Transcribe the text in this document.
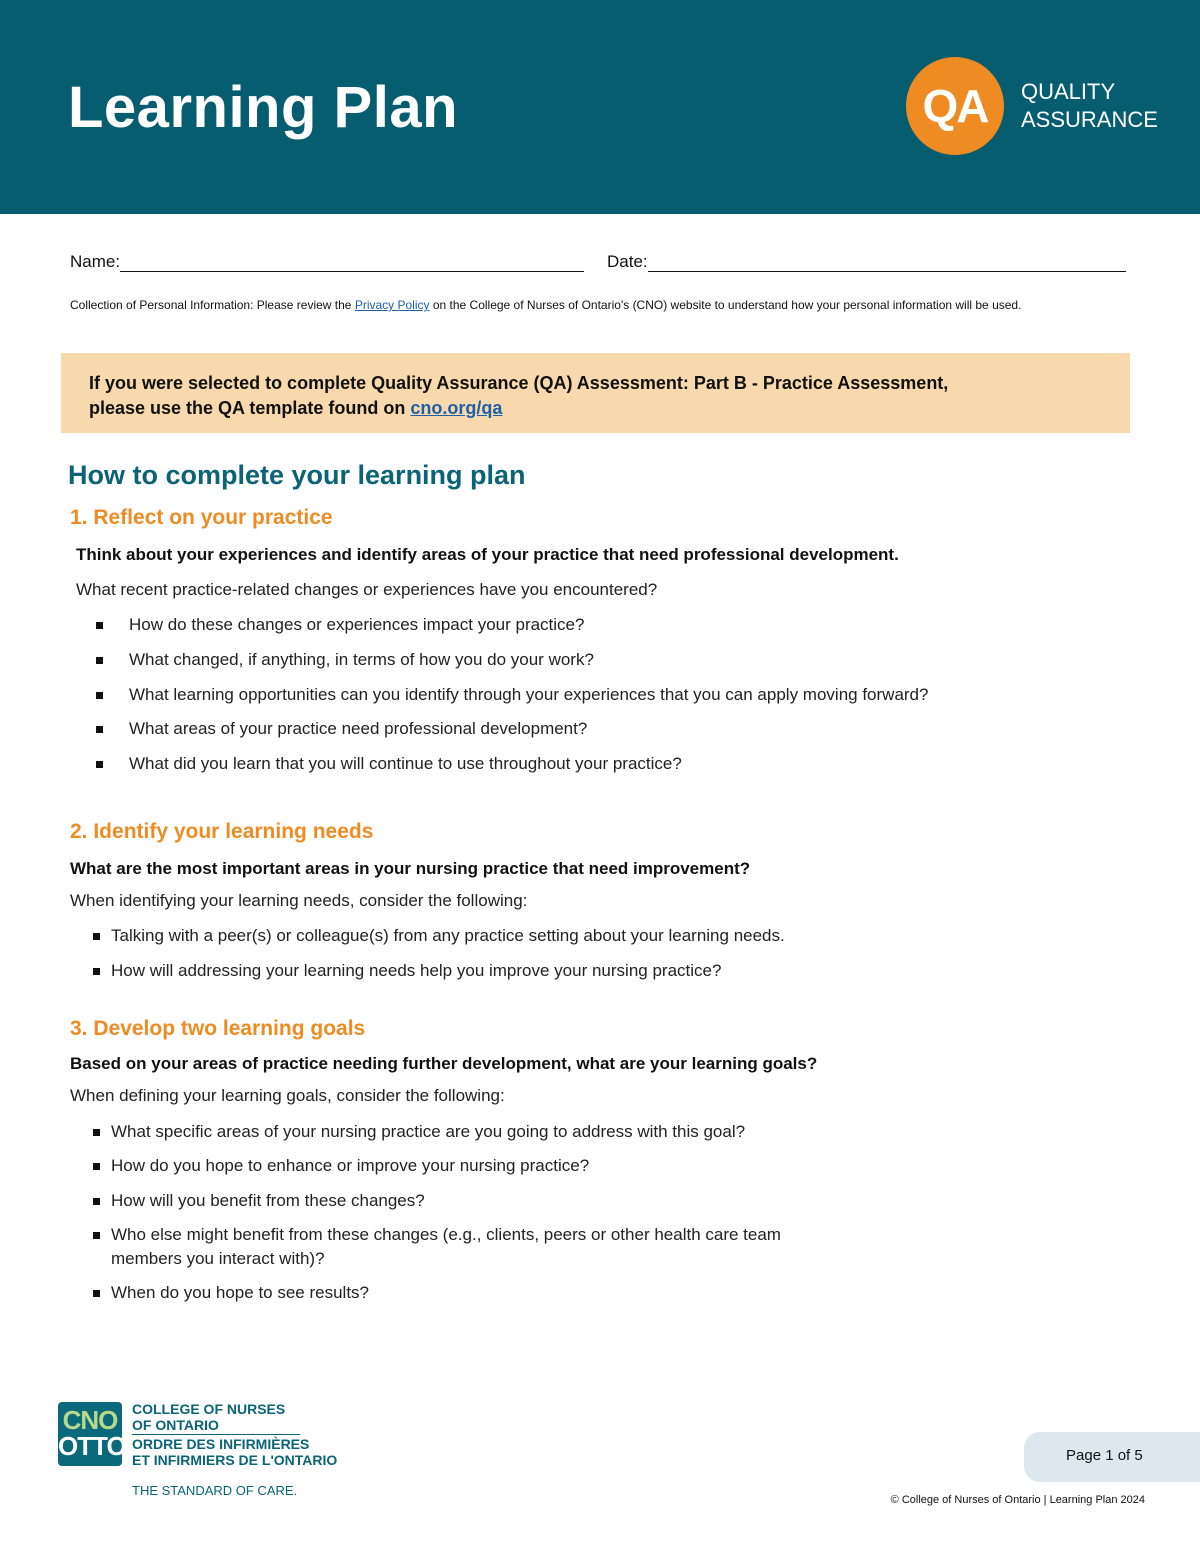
Learning Plan	QA	QUALITY
ASSURANCE
Name:	Date:
Collection of Personal Information: Please review the Privacy Policy on the College of Nurses of Ontario's (CNO) website to understand how your personal information will be used.
If you were selected to complete Quality Assurance (QA) Assessment: Part B - Practice Assessment,
please use the QA template found on cno.org/qa
How to complete your learning plan
1. Reflect on your practice
Think about your experiences and identify areas of your practice that need professional development.
What recent practice-related changes or experiences have you encountered?
How do these changes or experiences impact your practice?
What changed, if anything, in terms of how you do your work?
What learning opportunities can you identify through your experiences that you can apply moving forward?
What areas of your practice need professional development?
What did you learn that you will continue to use throughout your practice?
2. Identify your learning needs
What are the most important areas in your nursing practice that need improvement?
When identifying your learning needs, consider the following:
Talking with a peer(s) or colleague(s) from any practice setting about your learning needs.
How will addressing your learning needs help you improve your nursing practice?
3. Develop two learning goals
Based on your areas of practice needing further development, what are your learning goals?
When defining your learning goals, consider the following:
What specific areas of your nursing practice are you going to address with this goal?
How do you hope to enhance or improve your nursing practice?
How will you benefit from these changes?
Who else might benefit from these changes (e.g., clients, peers or other health care team
members you interact with)?
When do you hope to see results?
CNO
OTTO
COLLEGE OF NURSES
OF ONTARIO
ORDRE DES INFIRMIÈRES
ET INFIRMIERS DE L'ONTARIO
THE STANDARD OF CARE.
Page 1 of 5
© College of Nurses of Ontario | Learning Plan 2024
